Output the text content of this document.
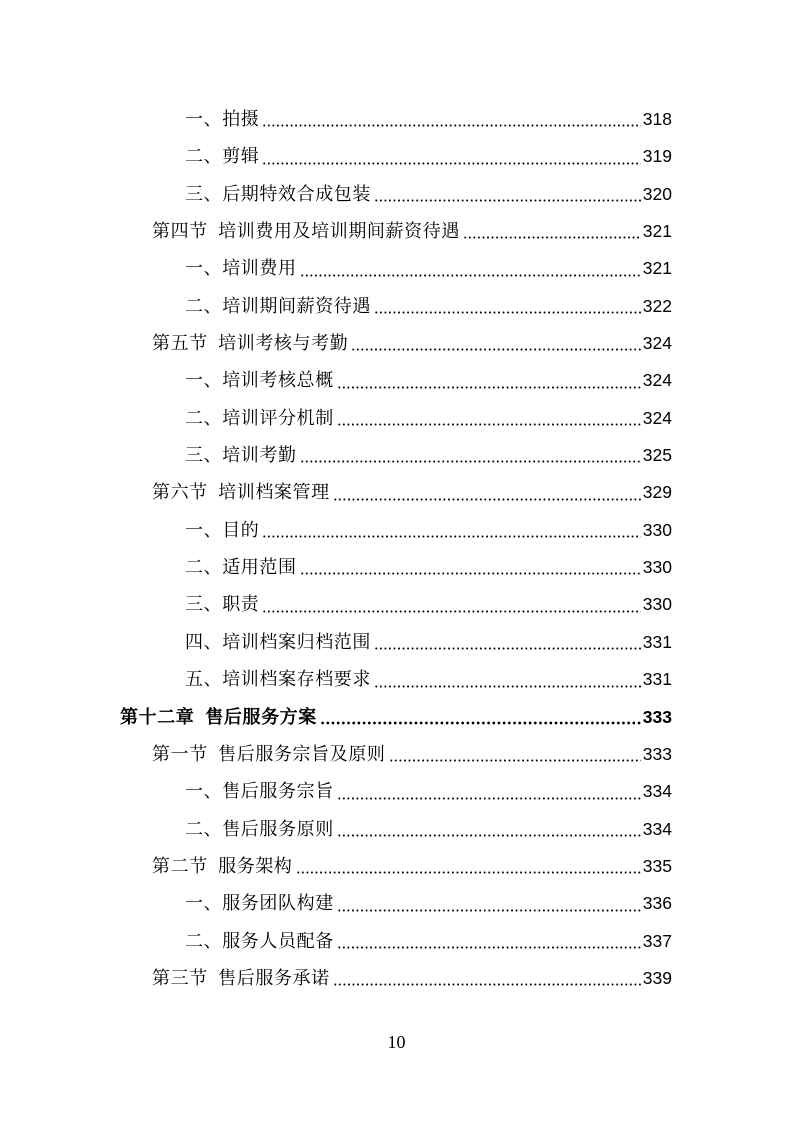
一、拍摄	318
二、剪辑	319
三、后期特效合成包装	320
第四节 培训费用及培训期间薪资待遇	321
一、培训费用	321
二、培训期间薪资待遇	322
第五节 培训考核与考勤	324
一、培训考核总概	324
二、培训评分机制	324
三、培训考勤	325
第六节 培训档案管理	329
一、目的	330
二、适用范围	330
三、职责	330
四、培训档案归档范围	331
五、培训档案存档要求	331
第十二章 售后服务方案	333
第一节 售后服务宗旨及原则	333
一、售后服务宗旨	334
二、售后服务原则	334
第二节 服务架构	335
一、服务团队构建	336
二、服务人员配备	337
第三节 售后服务承诺	339
10
